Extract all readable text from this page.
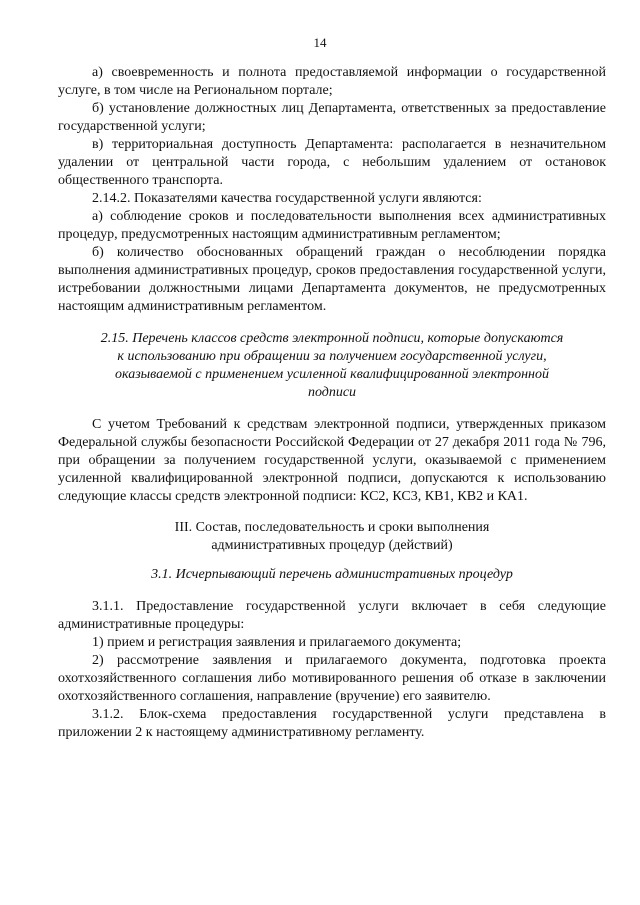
14

а) своевременность и полнота предоставляемой информации о государственной услуге, в том числе на Региональном портале;

б) установление должностных лиц Департамента, ответственных за предоставление государственной услуги;

в) территориальная доступность Департамента: располагается в незначительном удалении от центральной части города, с небольшим удалением от остановок общественного транспорта.

2.14.2. Показателями качества государственной услуги являются:

а) соблюдение сроков и последовательности выполнения всех административных процедур, предусмотренных настоящим административным регламентом;

б) количество обоснованных обращений граждан о несоблюдении порядка выполнения административных процедур, сроков предоставления государственной услуги, истребовании должностными лицами Департамента документов, не предусмотренных настоящим административным регламентом.

2.15. Перечень классов средств электронной подписи, которые допускаются к использованию при обращении за получением государственной услуги, оказываемой с применением усиленной квалифицированной электронной подписи

С учетом Требований к средствам электронной подписи, утвержденных приказом Федеральной службы безопасности Российской Федерации от 27 декабря 2011 года № 796, при обращении за получением государственной услуги, оказываемой с применением усиленной квалифицированной электронной подписи, допускаются к использованию следующие классы средств электронной подписи: КС2, КС3, КВ1, КВ2 и КА1.

III. Состав, последовательность и сроки выполнения

административных процедур (действий)

3.1. Исчерпывающий перечень административных процедур

3.1.1. Предоставление государственной услуги включает в себя следующие административные процедуры:

1) прием и регистрация заявления и прилагаемого документа;

2) рассмотрение заявления и прилагаемого документа, подготовка проекта охотхозяйственного соглашения либо мотивированного решения об отказе в заключении охотхозяйственного соглашения, направление (вручение) его заявителю.

3.1.2. Блок-схема предоставления государственной услуги представлена в приложении 2 к настоящему административному регламенту.
